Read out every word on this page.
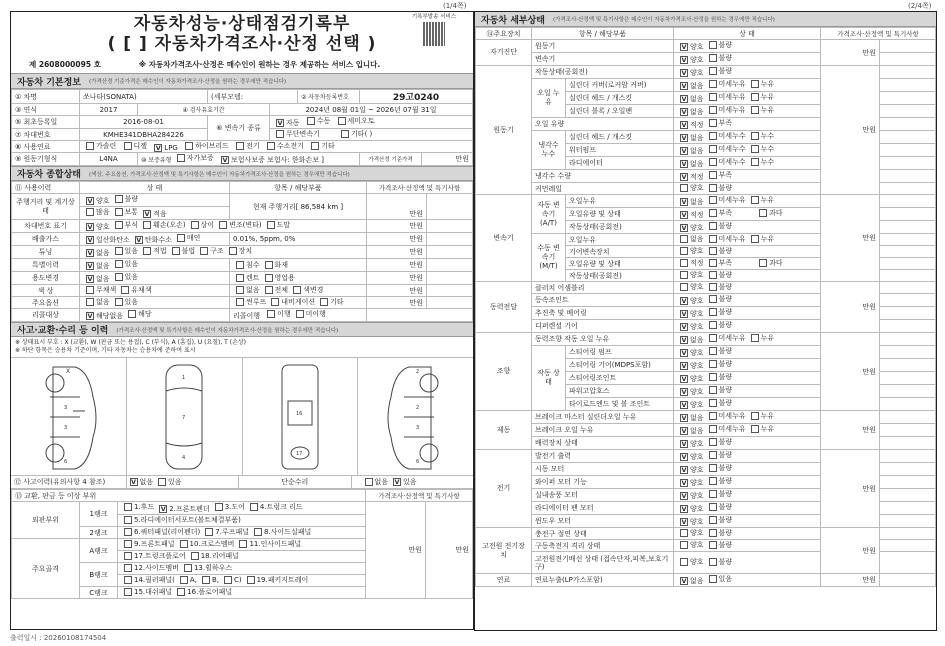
(1/4쪽)
자동차성능·상태점검기록부
( [ ] 자동차가격조사·산정 선택 )
기록부발송 서비스
제 2608000095 호	※ 자동차가격조사·산정은 매수인이 원하는 경우 제공하는 서비스 입니다.
자동차 기본정보 (가격산정 기준가격은 매수인이 자동차가격조사·산정을 원하는 경우에만 적습니다)
① 차명	쏘나타(SONATA)		(세부모델:		② 자동차등록번호	29고0240	
③ 연식	2017	④ 검사유효기간		2024년 08월 01일 ~ 2026년 07월 31일			
⑤ 최초등록일	2016-08-01		⑥ 변속기 종류	V 자동
수동
세미오토			

⑦ 차대번호	KMHE341DBHA284226			무단변속기
기타( )			

⑧ 사용연료	가솔린
디젤
V LPG
하이브리드
전기
수소전기
기타

⑨ 원동기형식	L4NA	⑩ 보증유형 자가보증
V 보험사보증 보험사: 한화손보 ]				가격산정 기준가격	만원
자동차 종합상태 (색상, 주요옵션, 가격조사·산정액 및 특기사항은 매수인이 자동차가격조사·산정을 원하는 경우에만 적습니다)
⑪ 사용이력	상 태	항목 / 해당부품	가격조사·산정액 및 특기사항	
주행거리 및 계기상태	V 양호 불량	현재 주행거리[ 86,584 km ]	만원	

	많음 보통 V 적음			

차대번호 표기	V 양호 부식 훼손(오손) 상이 변조(변타) 도말	만원	
배출가스	V 일산화탄소 V 탄화수소 매연	0.01%, 5ppm, 0%	만원	
튜닝	V 없음 있음 적법 불법 구조 장치	만원	
특별이력	V 없음 있음	침수 화재	만원	
용도변경	V 없음 있음	렌트 영업용	만원	
색 상	무채색 유채색	없음 전체 색변경	만원	
주요옵션	없음 있음	썬루프 내비게이션 기타	만원	
리콜대상	V 해당없음 해당	리콜이행 이행 미이행		

사고·교환·수리 등 이력 (가격조사·산정액 및 특기사항은 매수인이 자동차가격조사·산정을 원하는 경우에만 적습니다)
※ 상태표시 부호 : X (교환), W (판금 또는 용접), C (부식), A (흠집), U (요철), T (손상)
※ 하단 항목은 승용차 기준이며, 기타 자동차는 승용차에 준하여 표시
X
3
3
6
1
7
4
16
17
2
2
3
6
⑫ 사고이력(유의사항 4 참조)	V 없음 있음	단순수리	없음 V 있음
⑬ 교환, 판금 등 이상 부위			가격조사·산정액 및 특기사항	
외판부위	1랭크	1.후드 V 2.프론트펜더 3.도어 4.트렁크 리드	만원	만원

		5.라디에이터서포트(볼트체결부품)		

	2랭크	6.쿼터패널(리어펜더) 7.루프패널 8.사이드실패널		

주요골격	A랭크	9.프론트패널 10.크로스멤버 11.인사이드패널		

		17.트렁크플로어 18.리어패널		

	B랭크	12.사이드멤버 13.휠하우스		

		14.필러패널( A, B, C) 19.패키지트레이		

	C랭크	15.대쉬패널 16.플로어패널		
출력일시 : 20260108174504
(2/4쪽)
자동차 세부상태 (가격조사·산정액 및 특기사항은 매수인이 자동차가격조사·산정을 원하는 경우에만 적습니다)
⑭주요장치	항목 / 해당부품		상 태	가격조사·산정액 및 특기사항	
자기진단	원동기		V 양호 불량	만원	
	변속기		V 양호 불량		

원동기	작동상태(공회전)		V 양호 불량	만원	
	오일 누유	실린더 커버(로커암 커버)	V 없음 미세누유 누유		

		실린더 헤드 / 개스킷	V 없음 미세누유 누유		

		실린더 블록 / 오일팬	V 없음 미세누유 누유		

	오일 유량		V 적정 부족		

	냉각수 누수	실린더 헤드 / 개스킷	V 없음 미세누수 누수		

		워터펌프	V 없음 미세누수 누수		

		라디에이터	V 없음 미세누수 누수		

	냉각수 수량		V 적정 부족		

	커먼레일		양호 불량		

변속기	자동 변속기 (A/T)	오일누유	V 없음 미세누유 누유	만원	
		오일유량 및 상태	V 적정 부족 과다		

		작동상태(공회전)	V 양호 불량		

	수동 변속기 (M/T)	오일누유	없음 미세누유 누유		

		기어변속장치	양호 불량		

		오일유량 및 상태	적정 부족 과다		

		작동상태(공회전)	양호 불량		

동력전달	클러치 어셈블리		양호 불량	만원	
	등속조인트		V 양호 불량		

	추진축 및 베어링		V 양호 불량		

	디퍼렌셜 기어		V 양호 불량		

조향	동력조향 작동 오일 누유		V 없음 미세누유 누유	만원	
	작동 상태	스티어링 펌프	V 양호 불량		

		스티어링 기어(MDPS포함)	V 양호 불량		

		스티어링조인트	V 양호 불량		

		파워고압호스	V 양호 불량		

		타이로드엔드 및 볼 조인트	V 양호 불량		

제동	브레이크 마스터 실린더오일 누유		V 없음 미세누유 누유	만원	
	브레이크 오일 누유		V 없음 미세누유 누유		

	배력장치 상태		V 양호 불량		

전기	발전기 출력		V 양호 불량	만원	
	시동 모터		V 양호 불량		

	와이퍼 모터 기능		V 양호 불량		

	실내송풍 모터		V 양호 불량		

	라디에이터 팬 모터		V 양호 불량		

	윈도우 모터		V 양호 불량		

고전원 전기장치	충전구 절연 상태		양호 불량	만원	
	구동축전지 격리 상태		양호 불량		

	고전원전기배선 상태 (접속단자,피복,보호기구)		양호 불량		

연료	연료누출(LP가스포함)		V 없음 있음	만원	
